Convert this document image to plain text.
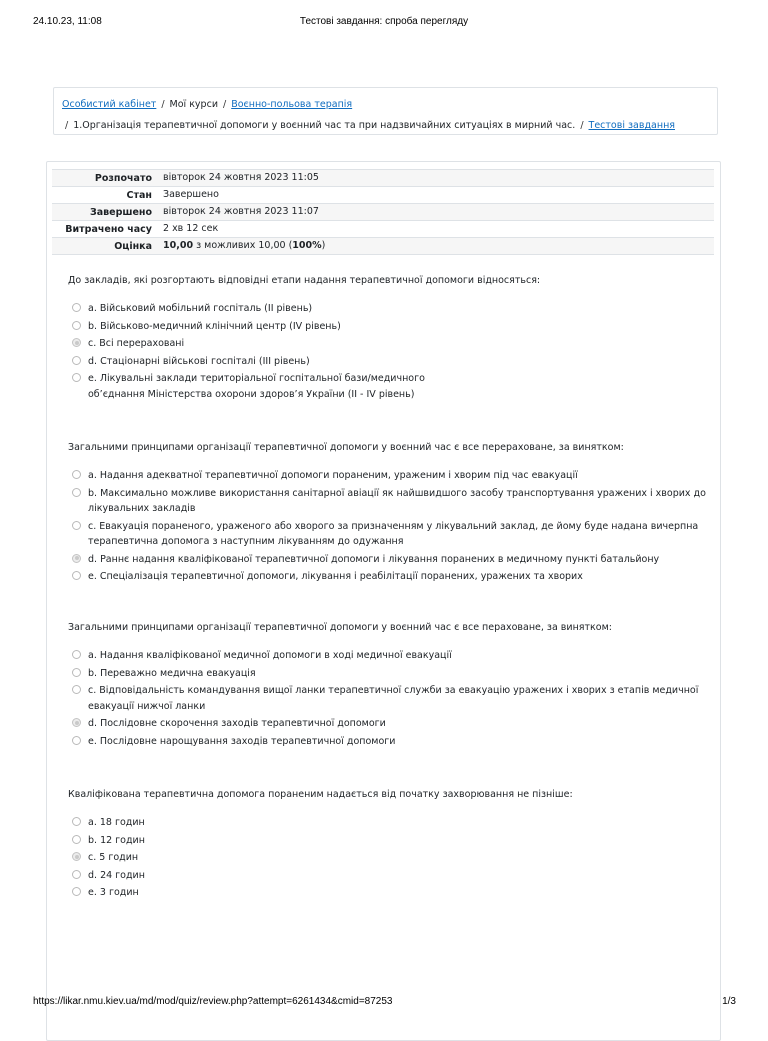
24.10.23, 11:08	Тестові завдання: спроба перегляду
Особистий кабінет / Мої курси / Воєнно-польова терапія
/ 1.Організація терапевтичної допомоги у воєнний час та при надзвичайних ситуаціях в мирний час. / Тестові завдання
Розпочато	вівторок 24 жовтня 2023 11:05
Стан	Завершено
Завершено	вівторок 24 жовтня 2023 11:07
Витрачено часу	2 хв 12 сек
Оцінка	10,00 з можливих 10,00 (100%)

До закладів, які розгортають відповідні етапи надання терапевтичної допомоги відносяться:

a. Військовий мобільний госпіталь (II рівень)
b. Військово-медичний клінічний центр (IV рівень)
c. Всі перераховані
d. Стаціонарні військові госпіталі (III рівень)
e. Лікувальні заклади територіальної госпітальної бази/медичного
об’єднання Міністерства охорони здоров’я України (II - IV рівень)

Загальними принципами організації терапевтичної допомоги у воєнний час є все перераховане, за винятком:

a. Надання адекватної терапевтичної допомоги пораненим, ураженим і хворим під час евакуації
b. Максимально можливе використання санітарної авіації як найшвидшого засобу транспортування уражених і хворих до
лікувальних закладів
c. Евакуація пораненого, ураженого або хворого за призначенням у лікувальний заклад, де йому буде надана вичерпна
терапевтична допомога з наступним лікуванням до одужання
d. Раннє надання кваліфікованої терапевтичної допомоги і лікування поранених в медичному пункті батальйону
e. Спеціалізація терапевтичної допомоги, лікування і реабілітації поранених, уражених та хворих

Загальними принципами організації терапевтичної допомоги у воєнний час є все пераховане, за винятком:

a. Надання кваліфікованої медичної допомоги в ході медичної евакуації
b. Переважно медична евакуація
c. Відповідальність командування вищої ланки терапевтичної служби за евакуацію уражених і хворих з етапів медичної
евакуації нижчої ланки
d. Послідовне скорочення заходів терапевтичної допомоги
e. Послідовне нарощування заходів терапевтичної допомоги

Кваліфікована терапевтична допомога пораненим надається від початку захворювання не пізніше:

a. 18 годин
b. 12 годин
c. 5 годин
d. 24 годин
e. 3 годин
https://likar.nmu.kiev.ua/md/mod/quiz/review.php?attempt=6261434&cmid=87253	1/3
